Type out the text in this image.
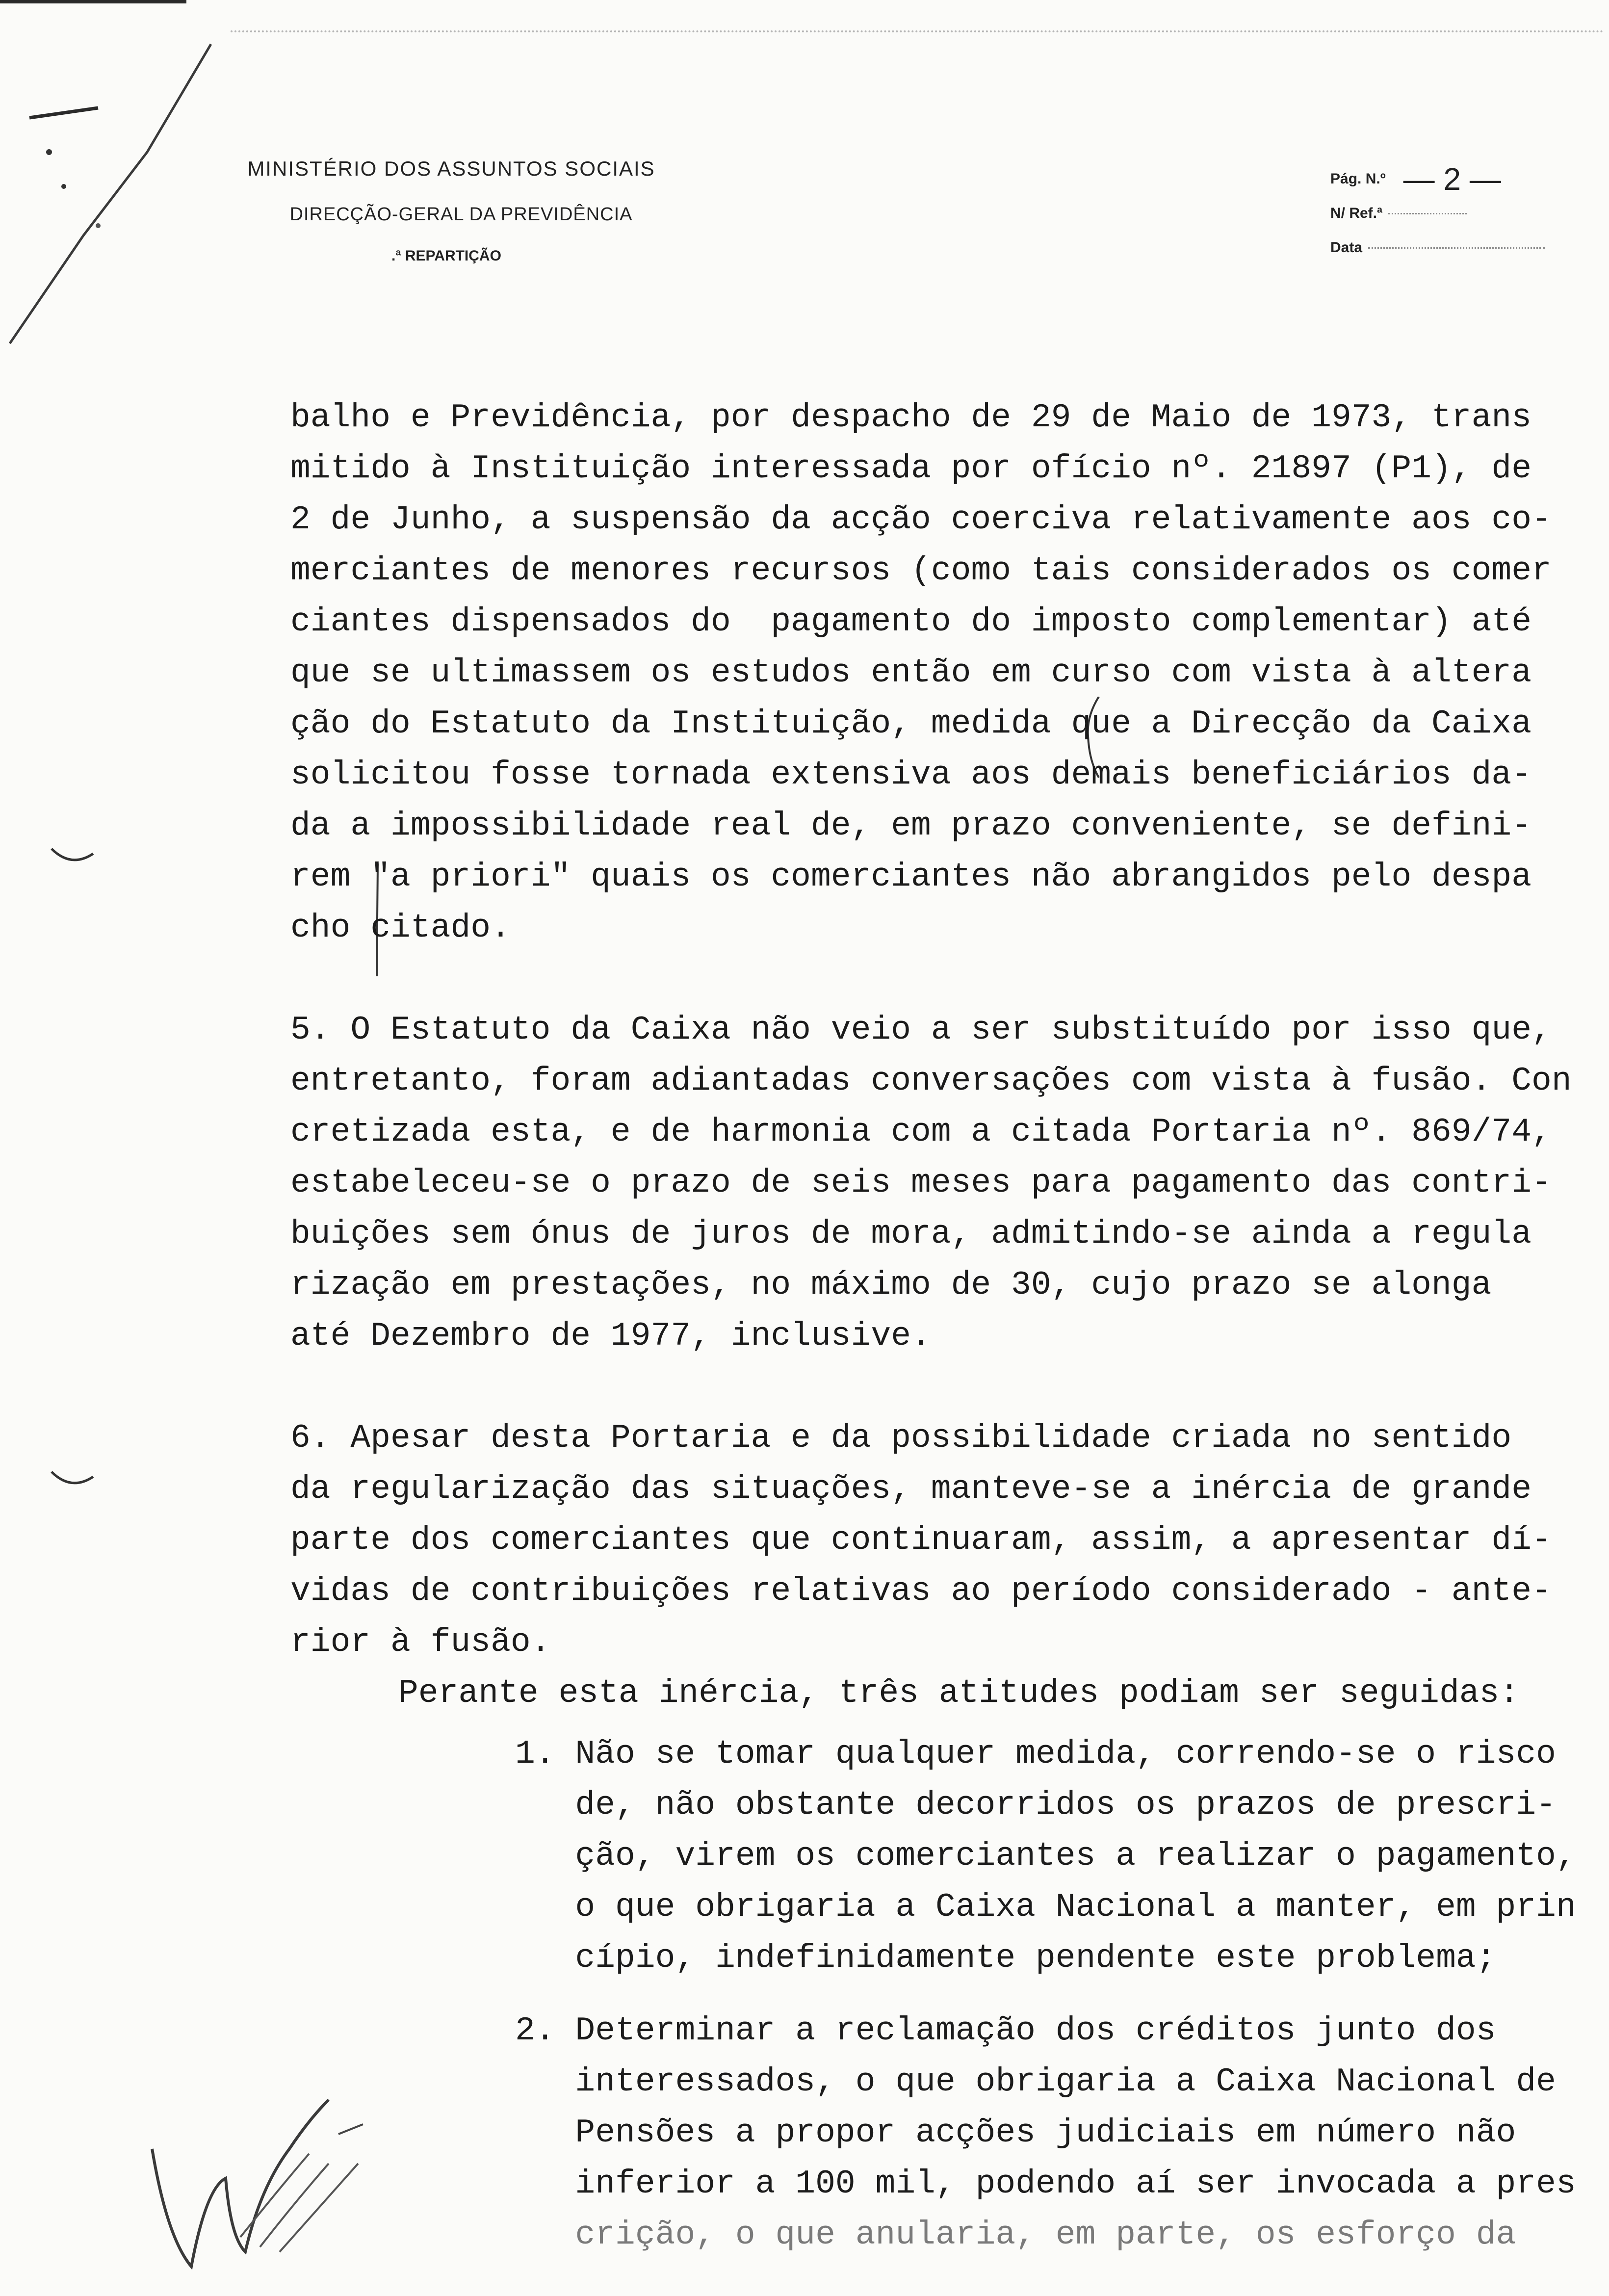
MINISTÉRIO DOS ASSUNTOS SOCIAIS
DIRECÇÃO-GERAL DA PREVIDÊNCIA
.ª REPARTIÇÃO
Pág. N.º — 2 —
N/ Ref.ª
Data

balho e Previdência, por despacho de 29 de Maio de 1973, trans

mitido à Instituição interessada por ofício nº. 21897 (P1), de

2 de Junho, a suspensão da acção coerciva relativamente aos co-

merciantes de menores recursos (como tais considerados os comer

ciantes dispensados do  pagamento do imposto complementar) até

que se ultimassem os estudos então em curso com vista à altera

ção do Estatuto da Instituição, medida que a Direcção da Caixa

solicitou fosse tornada extensiva aos demais beneficiários da-

da a impossibilidade real de, em prazo conveniente, se defini-

rem "a priori" quais os comerciantes não abrangidos pelo despa

cho citado.

5. O Estatuto da Caixa não veio a ser substituído por isso que,

entretanto, foram adiantadas conversações com vista à fusão. Con

cretizada esta, e de harmonia com a citada Portaria nº. 869/74,

estabeleceu-se o prazo de seis meses para pagamento das contri-

buições sem ónus de juros de mora, admitindo-se ainda a regula

rização em prestações, no máximo de 30, cujo prazo se alonga

até Dezembro de 1977, inclusive.

6. Apesar desta Portaria e da possibilidade criada no sentido

da regularização das situações, manteve-se a inércia de grande

parte dos comerciantes que continuaram, assim, a apresentar dí-

vidas de contribuições relativas ao período considerado - ante-

rior à fusão.

Perante esta inércia, três atitudes podiam ser seguidas:

1. Não se tomar qualquer medida, correndo-se o risco

de, não obstante decorridos os prazos de prescri-

ção, virem os comerciantes a realizar o pagamento,

o que obrigaria a Caixa Nacional a manter, em prin

cípio, indefinidamente pendente este problema;

2. Determinar a reclamação dos créditos junto dos

interessados, o que obrigaria a Caixa Nacional de

Pensões a propor acções judiciais em número não

inferior a 100 mil, podendo aí ser invocada a pres

crição, o que anularia, em parte, os esforço da
